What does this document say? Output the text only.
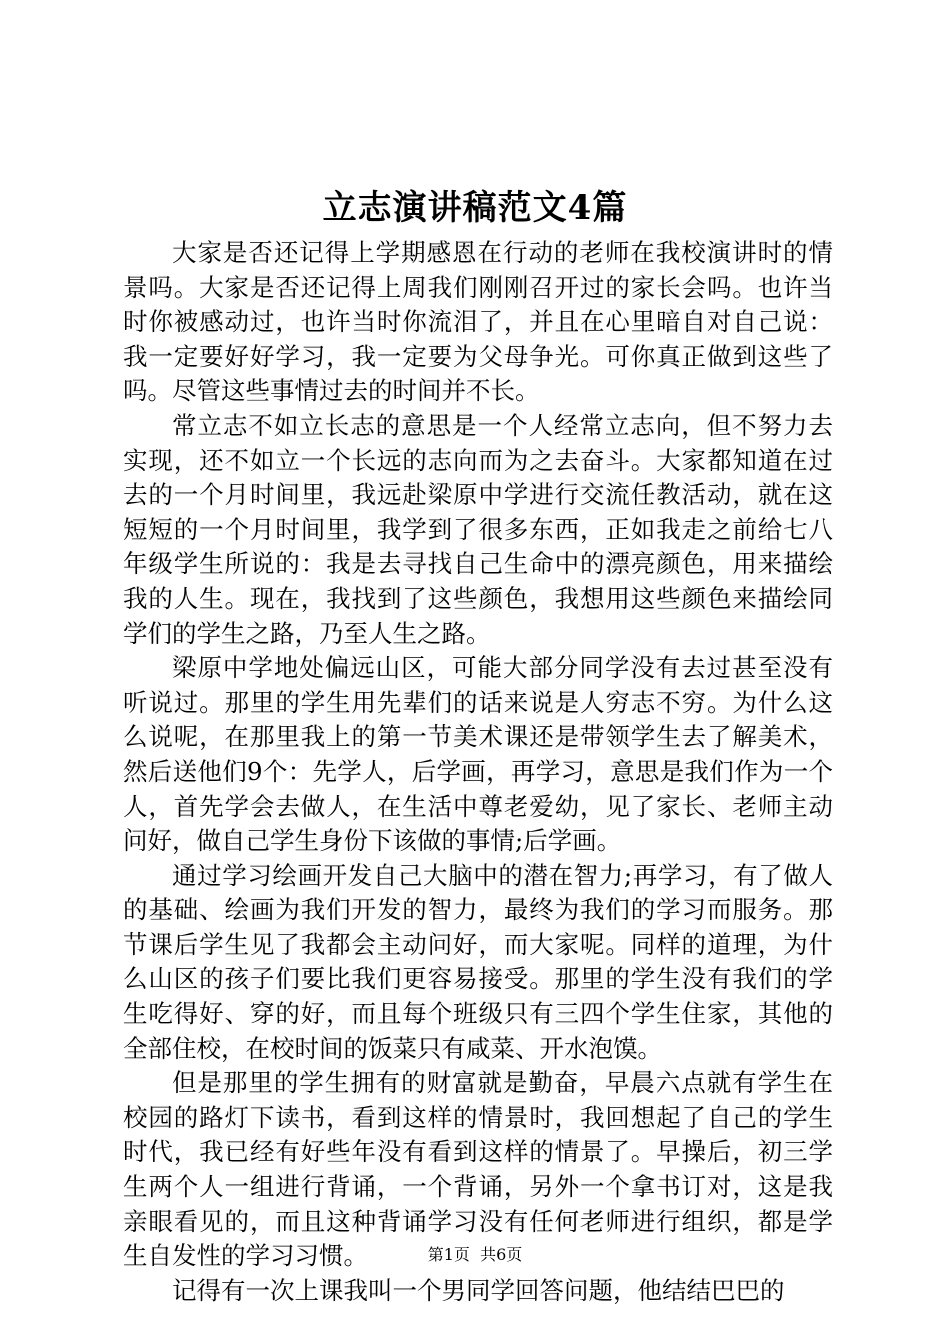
立志演讲稿范文4篇

大家是否还记得上学期感恩在行动的老师在我校演讲时的情景吗。大家是否还记得上周我们刚刚召开过的家长会吗。也许当时你被感动过，也许当时你流泪了，并且在心里暗自对自己说：我一定要好好学习，我一定要为父母争光。可你真正做到这些了吗。尽管这些事情过去的时间并不长。

常立志不如立长志的意思是一个人经常立志向，但不努力去实现，还不如立一个长远的志向而为之去奋斗。大家都知道在过去的一个月时间里，我远赴梁原中学进行交流任教活动，就在这短短的一个月时间里，我学到了很多东西，正如我走之前给七八年级学生所说的：我是去寻找自己生命中的漂亮颜色，用来描绘我的人生。现在，我找到了这些颜色，我想用这些颜色来描绘同学们的学生之路，乃至人生之路。

梁原中学地处偏远山区，可能大部分同学没有去过甚至没有听说过。那里的学生用先辈们的话来说是人穷志不穷。为什么这么说呢，在那里我上的第一节美术课还是带领学生去了解美术，然后送他们9个：先学人，后学画，再学习，意思是我们作为一个人，首先学会去做人，在生活中尊老爱幼，见了家长、老师主动问好，做自己学生身份下该做的事情;后学画。

通过学习绘画开发自己大脑中的潜在智力;再学习，有了做人的基础、绘画为我们开发的智力，最终为我们的学习而服务。那节课后学生见了我都会主动问好，而大家呢。同样的道理，为什么山区的孩子们要比我们更容易接受。那里的学生没有我们的学生吃得好、穿的好，而且每个班级只有三四个学生住家，其他的全部住校，在校时间的饭菜只有咸菜、开水泡馍。

但是那里的学生拥有的财富就是勤奋，早晨六点就有学生在校园的路灯下读书，看到这样的情景时，我回想起了自己的学生时代，我已经有好些年没有看到这样的情景了。早操后，初三学生两个人一组进行背诵，一个背诵，另外一个拿书订对，这是我亲眼看见的，而且这种背诵学习没有任何老师进行组织，都是学生自发性的学习习惯。

记得有一次上课我叫一个男同学回答问题，他结结巴巴的

第1页 共6页
